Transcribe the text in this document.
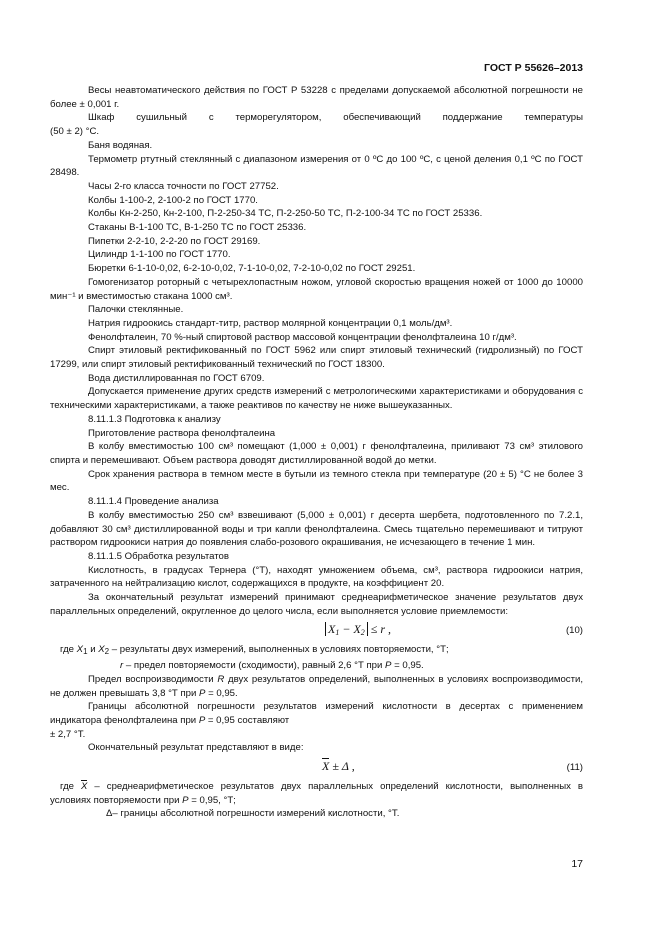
ГОСТ Р 55626–2013

Весы неавтоматического действия по ГОСТ Р 53228 с пределами допускаемой абсолютной погрешности не более ± 0,001 г.

Шкаф сушильный с терморегулятором, обеспечивающий поддержание температуры

(50 ± 2) °С.

Баня водяная.

Термометр ртутный стеклянный с диапазоном измерения от 0 ºС до 100 ºС, с ценой деления 0,1 ºС по ГОСТ 28498.

Часы 2-го класса точности по ГОСТ 27752.

Колбы 1-100-2, 2-100-2 по ГОСТ 1770.

Колбы Кн-2-250, Кн-2-100, П-2-250-34 ТС, П-2-250-50 ТС, П-2-100-34 ТС по ГОСТ 25336.

Стаканы В-1-100 ТС, В-1-250 ТС по ГОСТ 25336.

Пипетки 2-2-10, 2-2-20 по ГОСТ 29169.

Цилиндр 1-1-100 по ГОСТ 1770.

Бюретки 6-1-10-0,02, 6-2-10-0,02, 7-1-10-0,02, 7-2-10-0,02 по ГОСТ 29251.

Гомогенизатор роторный с четырехлопастным ножом, угловой скоростью вращения ножей от 1000 до 10000 мин⁻¹ и вместимостью стакана 1000 см³.

Палочки стеклянные.

Натрия гидроокись стандарт-титр, раствор молярной концентрации 0,1 моль/дм³.

Фенолфталеин, 70 %-ный спиртовой раствор массовой концентрации фенолфталеина 10 г/дм³.

Спирт этиловый ректификованный по ГОСТ 5962 или спирт этиловый технический (гидролизный) по ГОСТ 17299, или спирт этиловый ректификованный технический по ГОСТ 18300.

Вода дистиллированная по ГОСТ 6709.

Допускается применение других средств измерений с метрологическими характеристиками и оборудования с техническими характеристиками, а также реактивов по качеству не ниже вышеуказанных.

8.11.1.3 Подготовка к анализу

Приготовление раствора фенолфталеина

В колбу вместимостью 100 см³ помещают (1,000 ± 0,001) г фенолфталеина, приливают 73 см³ этилового спирта и перемешивают. Объем раствора доводят дистиллированной водой до метки.

Срок хранения раствора в темном месте в бутыли из темного стекла при температуре (20 ± 5) °С не более 3 мес.

8.11.1.4 Проведение анализа

В колбу вместимостью 250 см³ взвешивают (5,000 ± 0,001) г десерта шербета, подготовленного по 7.2.1, добавляют 30 см³ дистиллированной воды и три капли фенолфталеина. Смесь тщательно перемешивают и титруют раствором гидроокиси натрия до появления слабо-розового окрашивания, не исчезающего в течение 1 мин.

8.11.1.5 Обработка результатов

Кислотность, в градусах Тернера (°Т), находят умножением объема, см³, раствора гидроокиси натрия, затраченного на нейтрализацию кислот, содержащихся в продукте, на коэффициент 20.

За окончательный результат измерений принимают среднеарифметическое значение результатов двух параллельных определений, округленное до целого числа, если выполняется условие приемлемости:

$X_1 - X_2 \le r$ ,	(10)

где $X_1$ и $X_2$ – результаты двух измерений, выполненных в условиях повторяемости, °Т;

r – предел повторяемости (сходимости), равный 2,6 °Т при P = 0,95.

Предел воспроизводимости R двух результатов определений, выполненных в условиях воспроизводимости, не должен превышать 3,8 °Т при P = 0,95.

Границы абсолютной погрешности результатов измерений кислотности в десертах с применением индикатора фенолфталеина при P = 0,95 составляют

± 2,7 °Т.

Окончательный результат представляют в виде:

X ± Δ ,	(11)

где X – среднеарифметическое результатов двух параллельных определений кислотности, выполненных в условиях повторяемости при P = 0,95, °Т;

Δ– границы абсолютной погрешности измерений кислотности, °Т.

17
